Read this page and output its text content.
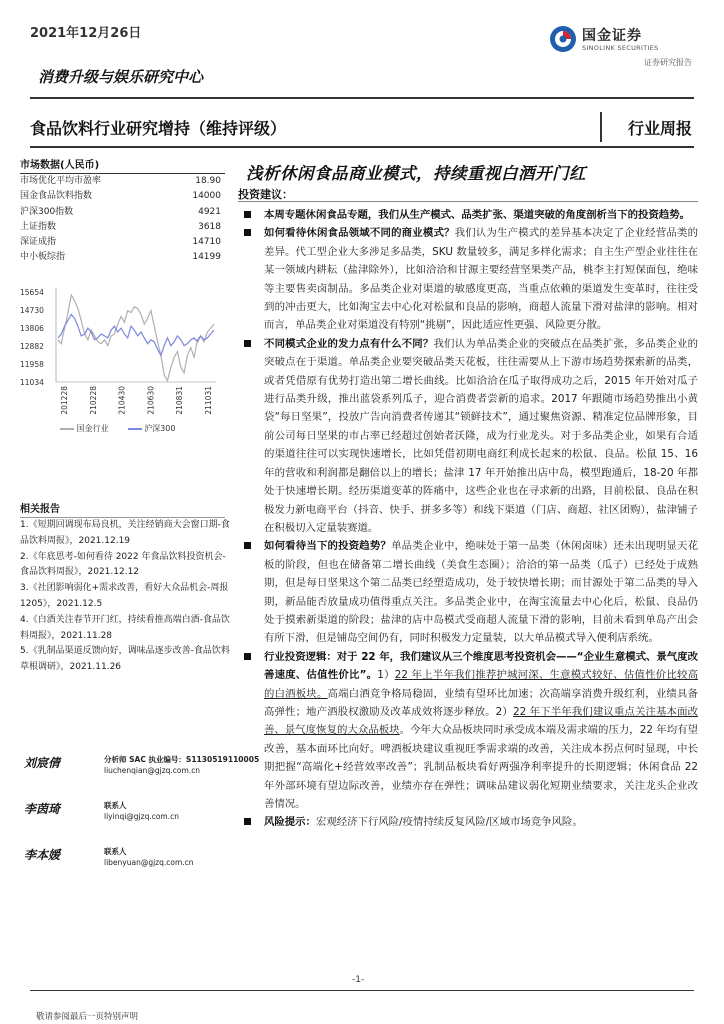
2021年12月26日	国金证券
SINOLINK SECURITIES
证券研究报告
消费升级与娱乐研究中心
食品饮料行业研究增持（维持评级）	行业周报
市场数据(人民币)
市场优化平均市盈率	18.90
国金食品饮料指数	14000
沪深300指数	4921
上证指数	3618
深证成指	14710
中小板综指	14199
15654
14730
13806
12882
11958
11034
201228	210228	210430	210630	210831	211031
国金行业	沪深300
相关报告
1.《短期回调现布局良机，关注经销商大会窗口期-食品饮料周报》，2021.12.19
2.《年底思考-如何看待 2022 年食品饮料投资机会-食品饮料周报》，2021.12.12
3.《社团影响弱化+需求改善，看好大众品机会-周报 1205》，2021.12.5
4.《白酒关注春节开门红，持续看推高端白酒-食品饮料周报》，2021.11.28
5.《乳制品渠道反馈向好，调味品逐步改善-食品饮料草根调研》，2021.11.26
刘宸倩	分析师 SAC 执业编号：S1130519110005
liuchenqian@gjzq.com.cn
李茵琦	联系人
liyinqi@gjzq.com.cn
李本媛	联系人
libenyuan@gjzq.com.cn
浅析休闲食品商业模式，持续重视白酒开门红
投资建议：
本周专题休闲食品专题，我们从生产模式、品类扩张、渠道突破的角度剖析当下的投资趋势。
如何看待休闲食品领域不同的商业模式？我们认为生产模式的差异基本决定了企业经营品类的差异。代工型企业大多涉足多品类，SKU 数量较多，满足多样化需求；自主生产型企业往往在某一领域内耕耘（盐津除外），比如洽洽和甘源主要经营坚果类产品，桃李主打短保面包，绝味等主要售卖卤制品。多品类企业对渠道的敏感度更高，当重点依赖的渠道发生变革时，往往受到的冲击更大，比如淘宝去中心化对松鼠和良品的影响，商超人流量下滑对盐津的影响。相对而言，单品类企业对渠道没有特别“挑剔”，因此适应性更强、风险更分散。
不同模式企业的发力点有什么不同？我们认为单品类企业的突破点在品类扩张，多品类企业的突破点在于渠道。单品类企业要突破品类天花板，往往需要从上下游市场趋势探索新的品类，或者凭借原有优势打造出第二增长曲线。比如洽洽在瓜子取得成功之后，2015 年开始对瓜子进行品类升级，推出蓝袋系列瓜子，迎合消费者尝新的追求。2017 年跟随市场趋势推出小黄袋“每日坚果”，投放广告向消费者传递其“锁鲜技术”，通过聚焦资源、精准定位品牌形象，目前公司每日坚果的市占率已经超过创始者沃隆，成为行业龙头。对于多品类企业，如果有合适的渠道往往可以实现快速增长，比如凭借初期电商红利成长起来的松鼠、良品。松鼠 15、16 年的营收和利润都是翻倍以上的增长；盐津 17 年开始推出店中岛，模型跑通后，18-20 年都处于快速增长期。经历渠道变革的阵痛中，这些企业也在寻求新的出路，目前松鼠、良品在积极发力新电商平台（抖音、快手、拼多多等）和线下渠道（门店、商超、社区团购），盐津铺子在积极切入定量装赛道。
如何看待当下的投资趋势？单品类企业中，绝味处于第一品类（休闲卤味）还未出现明显天花板的阶段，但也在储备第二增长曲线（美食生态圈）；洽洽的第一品类（瓜子）已经处于成熟期，但是每日坚果这个第二品类已经塑造成功，处于较快增长期；而甘源处于第二品类的导入期，新品能否放量成功值得重点关注。多品类企业中，在淘宝流量去中心化后，松鼠、良品仍处于摸索新渠道的阶段；盐津的店中岛模式受商超人流量下滑的影响，目前未看到单岛产出会有所下滑，但是铺岛空间仍有，同时积极发力定量装，以大单品模式导入便利店系统。
行业投资逻辑：对于 22 年，我们建议从三个维度思考投资机会——“企业生意模式、景气度改善速度、估值性价比”。1）22 年上半年我们推荐护城河深、生意模式较好、估值性价比较高的白酒板块。高端白酒竞争格局稳固，业绩有望环比加速；次高端享消费升级红利，业绩具备高弹性；地产酒股权激励及改革成效将逐步释放。2）22 年下半年我们建议重点关注基本面改善、景气度恢复的大众品板块。今年大众品板块同时承受成本端及需求端的压力，22 年均有望改善，基本面环比向好。啤酒板块建议重视旺季需求端的改善，关注成本拐点何时显现，中长期把握“高端化+经营效率改善”；乳制品板块看好两强净利率提升的长期逻辑；休闲食品 22 年外部环境有望边际改善，业绩亦存在弹性；调味品建议弱化短期业绩要求，关注龙头企业改善情况。
风险提示：宏观经济下行风险/疫情持续反复风险/区域市场竞争风险。
-1-
敬请参阅最后一页特别声明
